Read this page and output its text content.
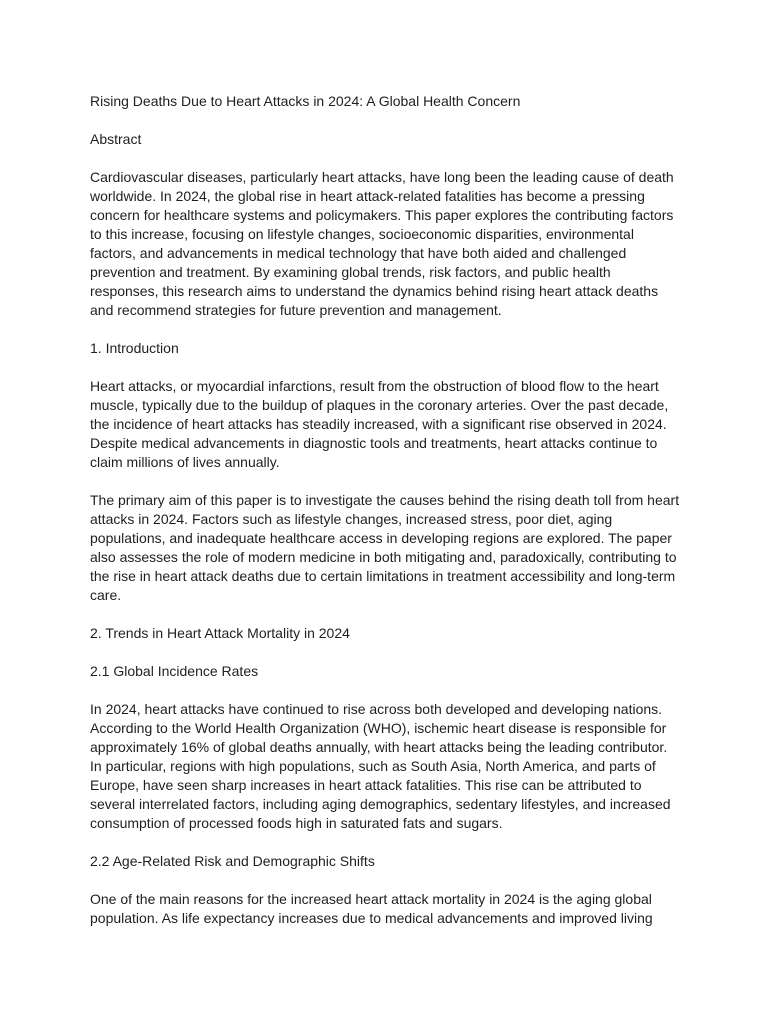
Rising Deaths Due to Heart Attacks in 2024: A Global Health Concern

Abstract

Cardiovascular diseases, particularly heart attacks, have long been the leading cause of death worldwide. In 2024, the global rise in heart attack-related fatalities has become a pressing concern for healthcare systems and policymakers. This paper explores the contributing factors to this increase, focusing on lifestyle changes, socioeconomic disparities, environmental factors, and advancements in medical technology that have both aided and challenged prevention and treatment. By examining global trends, risk factors, and public health responses, this research aims to understand the dynamics behind rising heart attack deaths and recommend strategies for future prevention and management.

1. Introduction

Heart attacks, or myocardial infarctions, result from the obstruction of blood flow to the heart muscle, typically due to the buildup of plaques in the coronary arteries. Over the past decade, the incidence of heart attacks has steadily increased, with a significant rise observed in 2024. Despite medical advancements in diagnostic tools and treatments, heart attacks continue to claim millions of lives annually.

The primary aim of this paper is to investigate the causes behind the rising death toll from heart attacks in 2024. Factors such as lifestyle changes, increased stress, poor diet, aging populations, and inadequate healthcare access in developing regions are explored. The paper also assesses the role of modern medicine in both mitigating and, paradoxically, contributing to the rise in heart attack deaths due to certain limitations in treatment accessibility and long-term care.

2. Trends in Heart Attack Mortality in 2024

2.1 Global Incidence Rates

In 2024, heart attacks have continued to rise across both developed and developing nations. According to the World Health Organization (WHO), ischemic heart disease is responsible for approximately 16% of global deaths annually, with heart attacks being the leading contributor. In particular, regions with high populations, such as South Asia, North America, and parts of Europe, have seen sharp increases in heart attack fatalities. This rise can be attributed to several interrelated factors, including aging demographics, sedentary lifestyles, and increased consumption of processed foods high in saturated fats and sugars.

2.2 Age-Related Risk and Demographic Shifts

One of the main reasons for the increased heart attack mortality in 2024 is the aging global population. As life expectancy increases due to medical advancements and improved living
